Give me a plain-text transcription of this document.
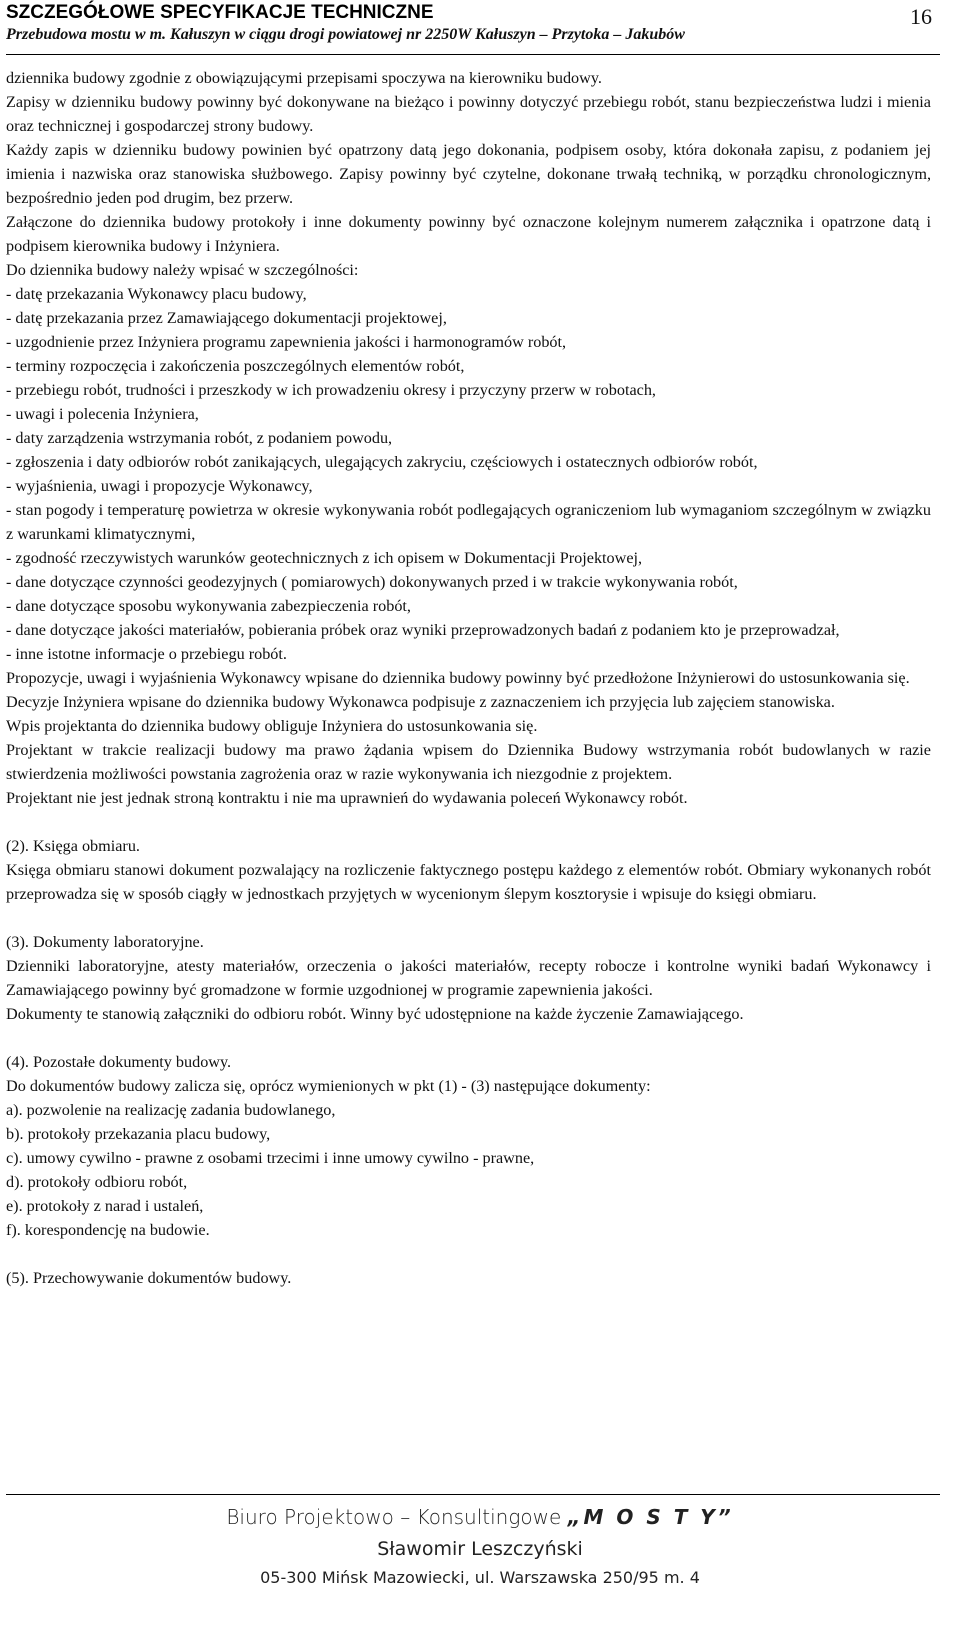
SZCZEGÓŁOWE SPECYFIKACJE TECHNICZNE
Przebudowa mostu w m. Kałuszyn w ciągu drogi powiatowej nr 2250W Kałuszyn – Przytoka – Jakubów
16

dziennika budowy zgodnie z obowiązującymi przepisami spoczywa na kierowniku budowy.

Zapisy w dzienniku budowy powinny być dokonywane na bieżąco i powinny dotyczyć przebiegu robót, stanu bezpieczeństwa ludzi i mienia oraz technicznej i gospodarczej strony budowy.

Każdy zapis w dzienniku budowy powinien być opatrzony datą jego dokonania, podpisem osoby, która dokonała zapisu, z podaniem jej imienia i nazwiska oraz stanowiska służbowego. Zapisy powinny być czytelne, dokonane trwałą techniką, w porządku chronologicznym, bezpośrednio jeden pod drugim, bez przerw.

Załączone do dziennika budowy protokoły i inne dokumenty powinny być oznaczone kolejnym numerem załącznika i opatrzone datą i podpisem kierownika budowy i Inżyniera.

Do dziennika budowy należy wpisać w szczególności:

- datę przekazania Wykonawcy placu budowy,

- datę przekazania przez Zamawiającego dokumentacji projektowej,

- uzgodnienie przez Inżyniera programu zapewnienia jakości i harmonogramów robót,

- terminy rozpoczęcia i zakończenia poszczególnych elementów robót,

- przebiegu robót, trudności i przeszkody w ich prowadzeniu okresy i przyczyny przerw w robotach,

- uwagi i polecenia Inżyniera,

- daty zarządzenia wstrzymania robót, z podaniem powodu,

- zgłoszenia i daty odbiorów robót zanikających, ulegających zakryciu, częściowych i ostatecznych odbiorów robót,

- wyjaśnienia, uwagi i propozycje Wykonawcy,

- stan pogody i temperaturę powietrza w okresie wykonywania robót podlegających ograniczeniom lub wymaganiom szczególnym w związku z warunkami klimatycznymi,

- zgodność rzeczywistych warunków geotechnicznych z ich opisem w Dokumentacji Projektowej,

- dane dotyczące czynności geodezyjnych ( pomiarowych) dokonywanych przed i w trakcie wykonywania robót,

- dane dotyczące sposobu wykonywania zabezpieczenia robót,

- dane dotyczące jakości materiałów, pobierania próbek oraz wyniki przeprowadzonych badań z podaniem kto je przeprowadzał,

- inne istotne informacje o przebiegu robót.

Propozycje, uwagi i wyjaśnienia Wykonawcy wpisane do dziennika budowy powinny być przedłożone Inżynierowi do ustosunkowania się.

Decyzje Inżyniera wpisane do dziennika budowy Wykonawca podpisuje z zaznaczeniem ich przyjęcia lub zajęciem stanowiska.

Wpis projektanta do dziennika budowy obliguje Inżyniera do ustosunkowania się.

Projektant w trakcie realizacji budowy ma prawo żądania wpisem do Dziennika Budowy wstrzymania robót budowlanych w razie stwierdzenia możliwości powstania zagrożenia oraz w razie wykonywania ich niezgodnie z projektem.

Projektant nie jest jednak stroną kontraktu i nie ma uprawnień do wydawania poleceń Wykonawcy robót.

(2). Księga obmiaru.

Księga obmiaru stanowi dokument pozwalający na rozliczenie faktycznego postępu każdego z elementów robót. Obmiary wykonanych robót przeprowadza się w sposób ciągły w jednostkach przyjętych w wycenionym ślepym kosztorysie i wpisuje do księgi obmiaru.

(3). Dokumenty laboratoryjne.

Dzienniki laboratoryjne, atesty materiałów, orzeczenia o jakości materiałów, recepty robocze i kontrolne wyniki badań Wykonawcy i Zamawiającego powinny być gromadzone w formie uzgodnionej w programie zapewnienia jakości.

Dokumenty te stanowią załączniki do odbioru robót. Winny być udostępnione na każde życzenie Zamawiającego.

(4). Pozostałe dokumenty budowy.

Do dokumentów budowy zalicza się, oprócz wymienionych w pkt (1) - (3) następujące dokumenty:

a). pozwolenie na realizację zadania budowlanego,

b). protokoły przekazania placu budowy,

c). umowy cywilno - prawne z osobami trzecimi i inne umowy cywilno - prawne,

d). protokoły odbioru robót,

e). protokoły z narad i ustaleń,

f). korespondencję na budowie.

(5). Przechowywanie dokumentów budowy.

Biuro Projektowo – Konsultingowe „M O S T Y”
Sławomir Leszczyński
05-300 Mińsk Mazowiecki, ul. Warszawska 250/95 m. 4
